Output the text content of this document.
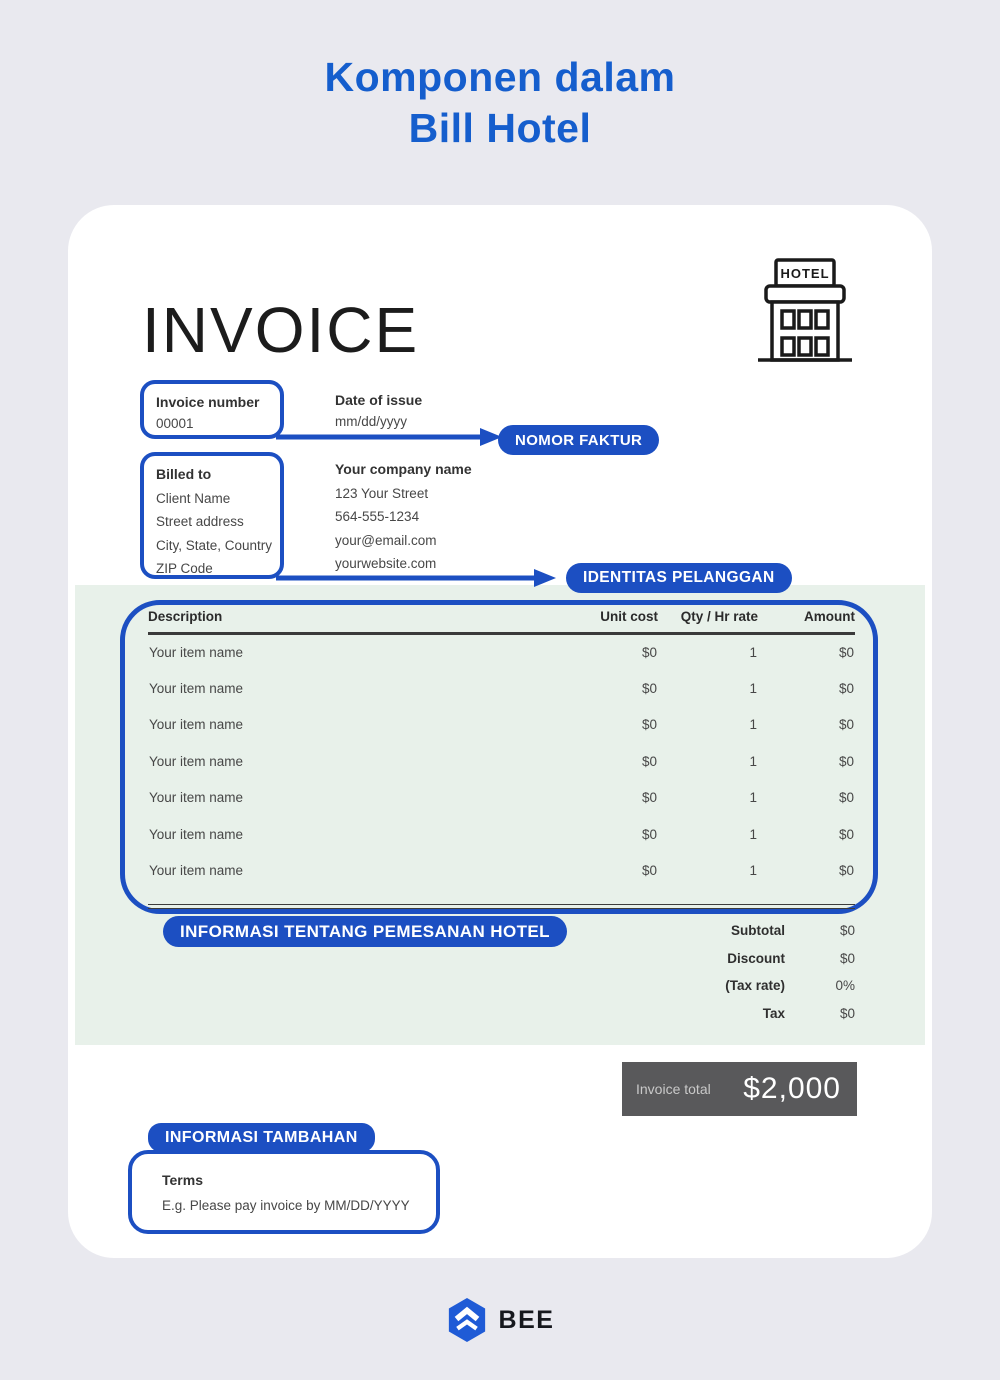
Komponen dalam
Bill Hotel
INVOICE
HOTEL
Invoice number
00001
Date of issue
mm/dd/yyyy
NOMOR FAKTUR
Billed to
Client Name
Street address
City, State, Country
ZIP Code
Your company name
123 Your Street
564-555-1234
your@email.com
yourwebsite.com
IDENTITAS PELANGGAN
Description	Unit cost	Qty / Hr rate	Amount
Your item name	$0	1	$0
Your item name	$0	1	$0
Your item name	$0	1	$0
Your item name	$0	1	$0
Your item name	$0	1	$0
Your item name	$0	1	$0
Your item name	$0	1	$0
INFORMASI TENTANG PEMESANAN HOTEL	Subtotal	$0
Discount	$0
(Tax rate)	0%
Tax	$0
Invoice total $2,000
INFORMASI TAMBAHAN
Terms
E.g. Please pay invoice by MM/DD/YYYY
BEE
